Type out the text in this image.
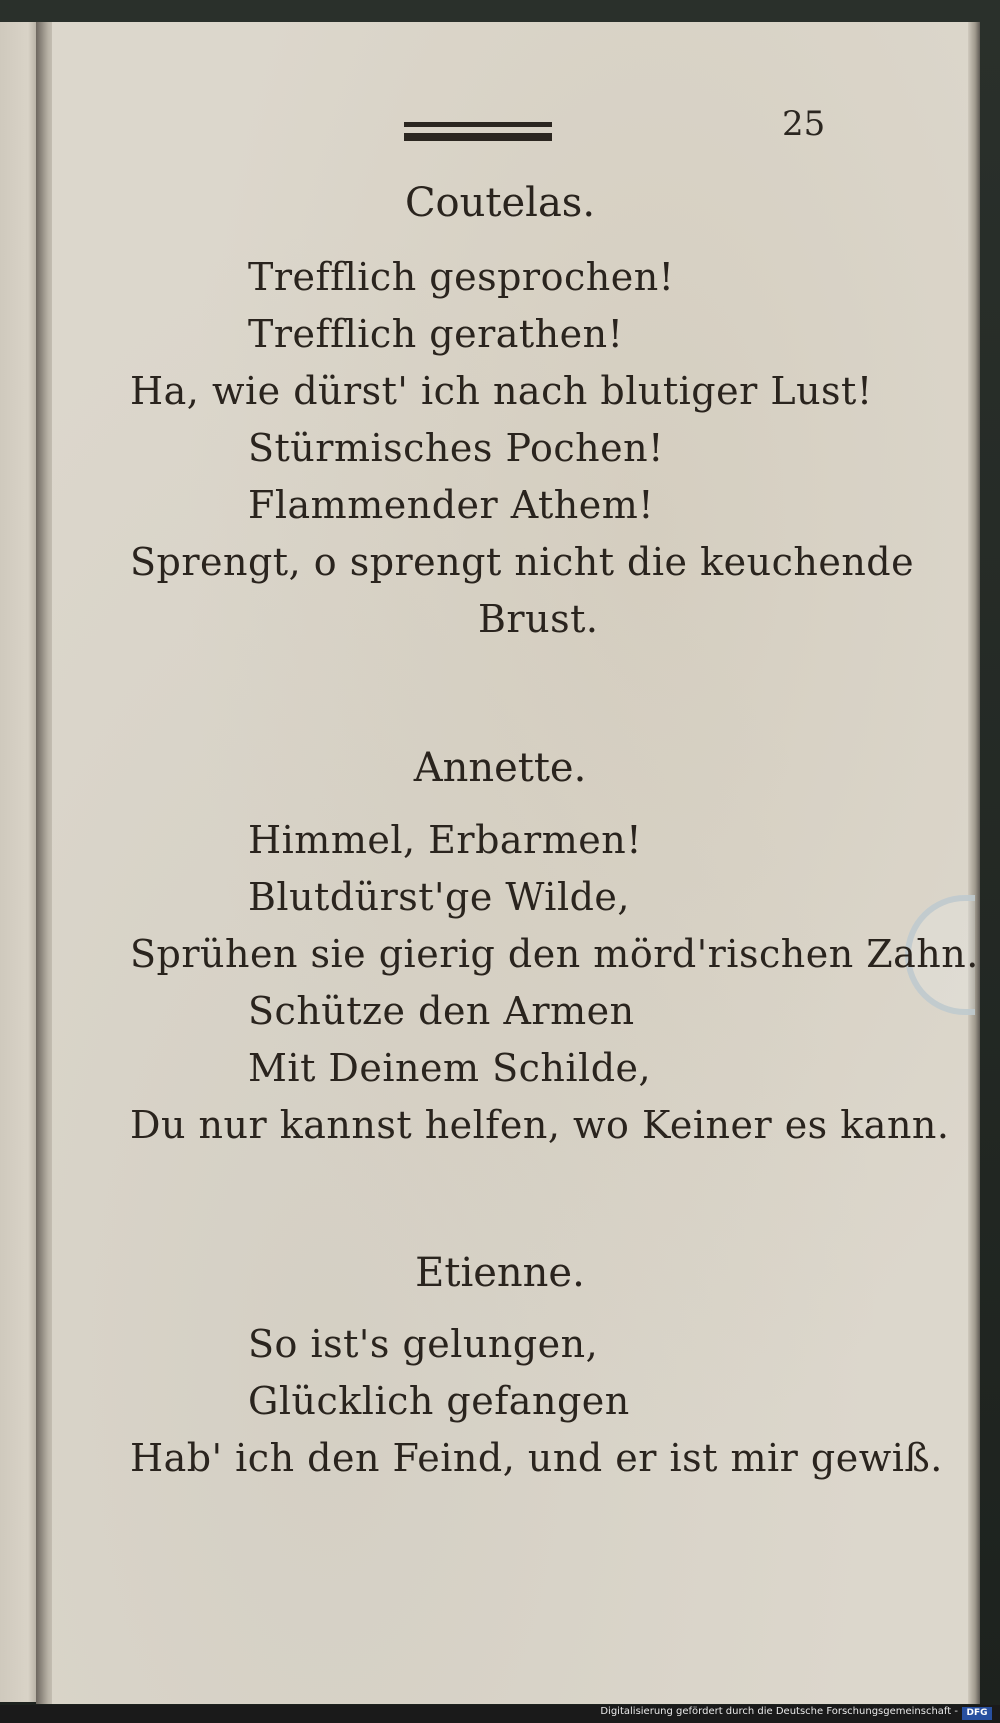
25
Coutelas.
Trefflich gesprochen!
Trefflich gerathen!
Ha, wie dürst' ich nach blutiger Lust!
Stürmisches Pochen!
Flammender Athem!
Sprengt, o sprengt nicht die keuchende
Brust.
Annette.
Himmel, Erbarmen!
Blutdürst'ge Wilde,
Sprühen sie gierig den mörd'rischen Zahn.
Schütze den Armen
Mit Deinem Schilde,
Du nur kannst helfen, wo Keiner es kann.
Etienne.
So ist's gelungen,
Glücklich gefangen
Hab' ich den Feind, und er ist mir gewiß.
Digitalisierung gefördert durch die Deutsche Forschungsgemeinschaft - DFG
